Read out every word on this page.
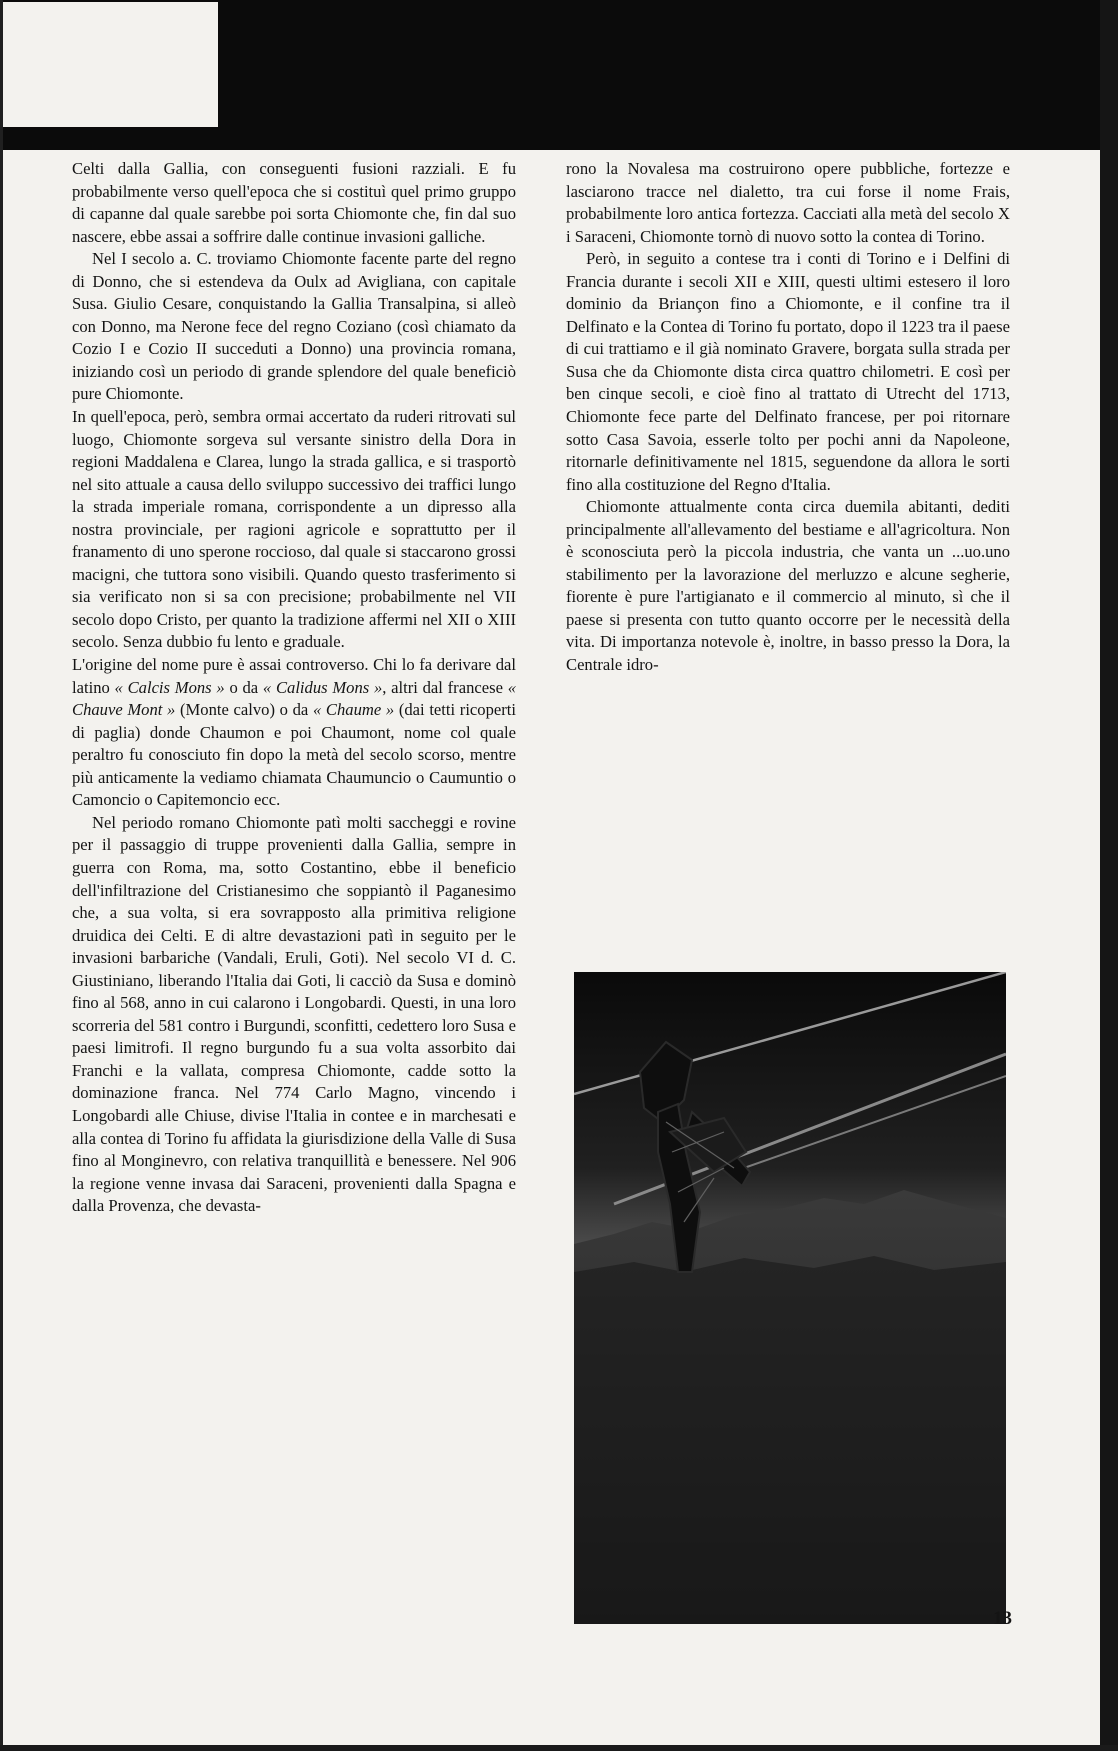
Celti dalla Gallia, con conseguenti fusioni razziali. E fu probabilmente verso quell'epoca che si costituì quel primo gruppo di capanne dal quale sarebbe poi sorta Chiomonte che, fin dal suo nascere, ebbe assai a soffrire dalle continue invasioni galliche.

Nel I secolo a. C. troviamo Chiomonte facente parte del regno di Donno, che si estendeva da Oulx ad Avigliana, con capitale Susa. Giulio Cesare, conquistando la Gallia Transalpina, si alleò con Donno, ma Nerone fece del regno Coziano (così chiamato da Cozio I e Cozio II succeduti a Donno) una provincia romana, iniziando così un periodo di grande splendore del quale beneficiò pure Chiomonte.

In quell'epoca, però, sembra ormai accertato da ruderi ritrovati sul luogo, Chiomonte sorgeva sul versante sinistro della Dora in regioni Maddalena e Clarea, lungo la strada gallica, e si trasportò nel sito attuale a causa dello sviluppo successivo dei traffici lungo la strada imperiale romana, corrispondente a un dipresso alla nostra provinciale, per ragioni agricole e soprattutto per il franamento di uno sperone roccioso, dal quale si staccarono grossi macigni, che tuttora sono visibili. Quando questo trasferimento si sia verificato non si sa con precisione; probabilmente nel VII secolo dopo Cristo, per quanto la tradizione affermi nel XII o XIII secolo. Senza dubbio fu lento e graduale.

L'origine del nome pure è assai controverso. Chi lo fa derivare dal latino « Calcis Mons » o da « Calidus Mons », altri dal francese « Chauve Mont » (Monte calvo) o da « Chaume » (dai tetti ricoperti di paglia) donde Chaumon e poi Chaumont, nome col quale peraltro fu conosciuto fin dopo la metà del secolo scorso, mentre più anticamente la vediamo chiamata Chaumuncio o Caumuntio o Camoncio o Capitemoncio ecc.

Nel periodo romano Chiomonte patì molti saccheggi e rovine per il passaggio di truppe provenienti dalla Gallia, sempre in guerra con Roma, ma, sotto Costantino, ebbe il beneficio dell'infiltrazione del Cristianesimo che soppiantò il Paganesimo che, a sua volta, si era sovrapposto alla primitiva religione druidica dei Celti. E di altre devastazioni patì in seguito per le invasioni barbariche (Vandali, Eruli, Goti). Nel secolo VI d. C. Giustiniano, liberando l'Italia dai Goti, li cacciò da Susa e dominò fino al 568, anno in cui calarono i Longobardi. Questi, in una loro scorreria del 581 contro i Burgundi, sconfitti, cedettero loro Susa e paesi limitrofi. Il regno burgundo fu a sua volta assorbito dai Franchi e la vallata, compresa Chiomonte, cadde sotto la dominazione franca. Nel 774 Carlo Magno, vincendo i Longobardi alle Chiuse, divise l'Italia in contee e in marchesati e alla contea di Torino fu affidata la giurisdizione della Valle di Susa fino al Monginevro, con relativa tranquillità e benessere. Nel 906 la regione venne invasa dai Saraceni, provenienti dalla Spagna e dalla Provenza, che devasta-

rono la Novalesa ma costruirono opere pubbliche, fortezze e lasciarono tracce nel dialetto, tra cui forse il nome Frais, probabilmente loro antica fortezza. Cacciati alla metà del secolo X i Saraceni, Chiomonte tornò di nuovo sotto la contea di Torino.

Però, in seguito a contese tra i conti di Torino e i Delfini di Francia durante i secoli XII e XIII, questi ultimi estesero il loro dominio da Briançon fino a Chiomonte, e il confine tra il Delfinato e la Contea di Torino fu portato, dopo il 1223 tra il paese di cui trattiamo e il già nominato Gravere, borgata sulla strada per Susa che da Chiomonte dista circa quattro chilometri. E così per ben cinque secoli, e cioè fino al trattato di Utrecht del 1713, Chiomonte fece parte del Delfinato francese, per poi ritornare sotto Casa Savoia, esserle tolto per pochi anni da Napoleone, ritornarle definitivamente nel 1815, seguendone da allora le sorti fino alla costituzione del Regno d'Italia.

Chiomonte attualmente conta circa duemila abitanti, dediti principalmente all'allevamento del bestiame e all'agricoltura. Non è sconosciuta però la piccola industria, che vanta un ...uo.uno stabilimento per la lavorazione del merluzzo e alcune segherie, fiorente è pure l'artigianato e il commercio al minuto, sì che il paese si presenta con tutto quanto occorre per le necessità della vita. Di importanza notevole è, inoltre, in basso presso la Dora, la Centrale idro-

13
